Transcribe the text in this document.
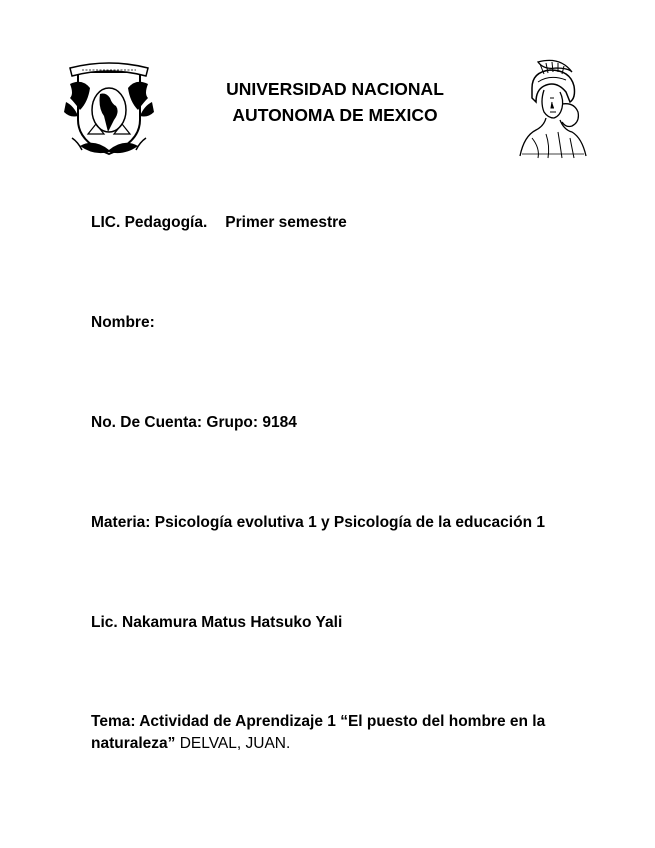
UNIVERSIDAD NACIONAL
AUTONOMA DE MEXICO
LIC. Pedagogía. Primer semestre
Nombre:
No. De Cuenta: Grupo: 9184
Materia: Psicología evolutiva 1 y Psicología de la educación 1
Lic. Nakamura Matus Hatsuko Yali
Tema: Actividad de Aprendizaje 1 “El puesto del hombre en la naturaleza” DELVAL, JUAN.
